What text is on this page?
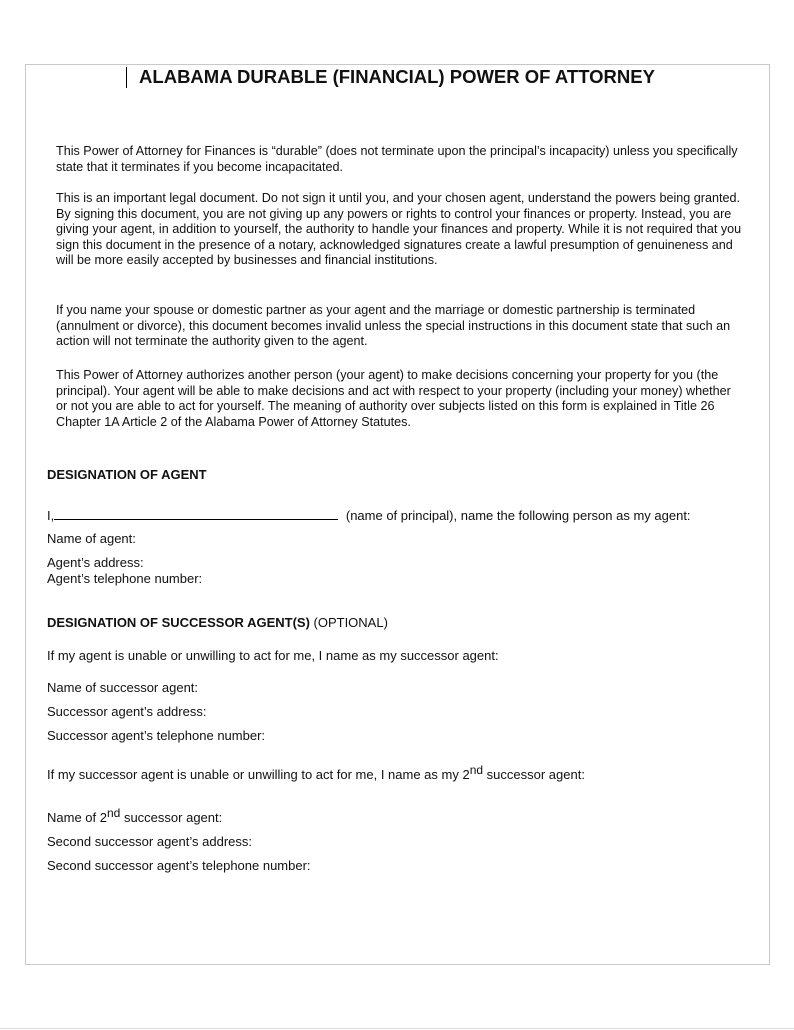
ALABAMA DURABLE (FINANCIAL) POWER OF ATTORNEY
This Power of Attorney for Finances is “durable” (does not terminate upon the principal’s incapacity) unless you specifically state that it terminates if you become incapacitated.
This is an important legal document. Do not sign it until you, and your chosen agent, understand the powers being granted. By signing this document, you are not giving up any powers or rights to control your finances or property. Instead, you are giving your agent, in addition to yourself, the authority to handle your finances and property. While it is not required that you sign this document in the presence of a notary, acknowledged signatures create a lawful presumption of genuineness and will be more easily accepted by businesses and financial institutions.
If you name your spouse or domestic partner as your agent and the marriage or domestic partnership is terminated (annulment or divorce), this document becomes invalid unless the special instructions in this document state that such an action will not terminate the authority given to the agent.
This Power of Attorney authorizes another person (your agent) to make decisions concerning your property for you (the principal). Your agent will be able to make decisions and act with respect to your property (including your money) whether or not you are able to act for yourself. The meaning of authority over subjects listed on this form is explained in Title 26 Chapter 1A Article 2 of the Alabama Power of Attorney Statutes.
DESIGNATION OF AGENT
I,	(name of principal), name the following person as my agent:
Name of agent:
Agent’s address:
Agent’s telephone number:
DESIGNATION OF SUCCESSOR AGENT(S) (OPTIONAL)
If my agent is unable or unwilling to act for me, I name as my successor agent:
Name of successor agent:
Successor agent’s address:
Successor agent’s telephone number:
If my successor agent is unable or unwilling to act for me, I name as my 2nd successor agent:
Name of 2nd successor agent:
Second successor agent’s address:
Second successor agent’s telephone number:
